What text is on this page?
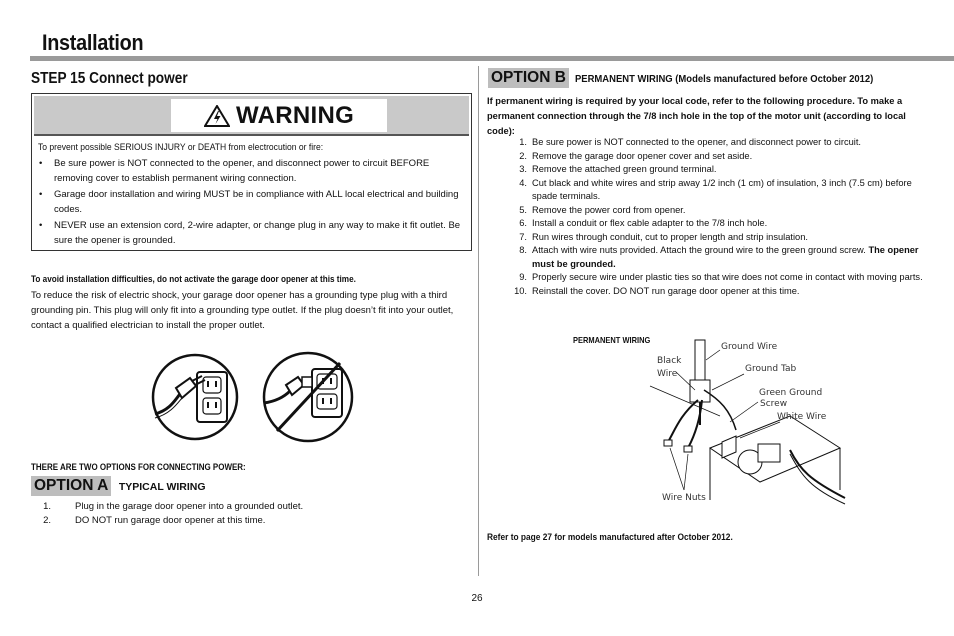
Installation
STEP 15 Connect power
WARNING
To prevent possible SERIOUS INJURY or DEATH from electrocution or fire:
• Be sure power is NOT connected to the opener, and disconnect power to circuit BEFORE removing cover to establish permanent wiring connection.
• Garage door installation and wiring MUST be in compliance with ALL local electrical and building codes.
• NEVER use an extension cord, 2-wire adapter, or change plug in any way to make it fit outlet. Be sure the opener is grounded.
To avoid installation difficulties, do not activate the garage door opener at this time.
To reduce the risk of electric shock, your garage door opener has a grounding type plug with a third grounding pin. This plug will only fit into a grounding type outlet. If the plug doesn’t fit into your outlet, contact a qualified electrician to install the proper outlet.
THERE ARE TWO OPTIONS FOR CONNECTING POWER:
OPTION A TYPICAL WIRING
1.	Plug in the garage door opener into a grounded outlet.
2.	DO NOT run garage door opener at this time.
OPTION B PERMANENT WIRING (Models manufactured before October 2012)
If permanent wiring is required by your local code, refer to the following procedure. To make a permanent connection through the 7/8 inch hole in the top of the motor unit (according to local code):
1. Be sure power is NOT connected to the opener, and disconnect power to circuit.
2. Remove the garage door opener cover and set aside.
3. Remove the attached green ground terminal.
4. Cut black and white wires and strip away 1/2 inch (1 cm) of insulation, 3 inch (7.5 cm) before spade terminals.
5. Remove the power cord from opener.
6. Install a conduit or flex cable adapter to the 7/8 inch hole.
7. Run wires through conduit, cut to proper length and strip insulation.
8. Attach with wire nuts provided. Attach the ground wire to the green ground screw. The opener must be grounded.
9. Properly secure wire under plastic ties so that wire does not come in contact with moving parts.
10. Reinstall the cover. DO NOT run garage door opener at this time.
PERMANENT WIRING
Ground Wire
Black
Wire	Ground Tab
Green Ground
Screw
White Wire
Wire Nuts
Refer to page 27 for models manufactured after October 2012.
26
